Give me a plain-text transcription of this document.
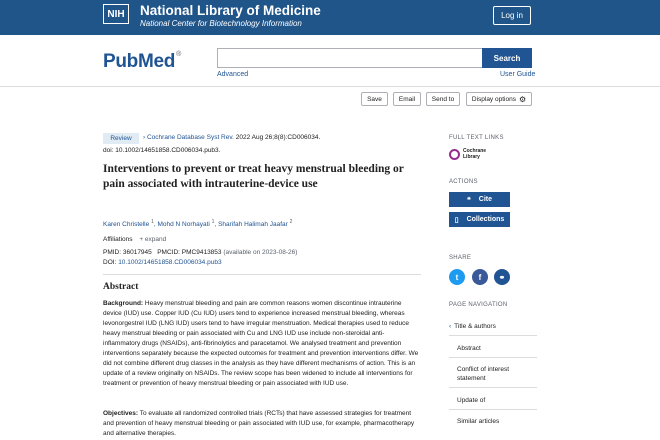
NIH	National Library of Medicine
National Center for Biotechnology Information
Log in
PubMed®	Search
Advanced	User Guide
Save	Email	Send to	Display options ⚙
Review	› Cochrane Database Syst Rev. 2022 Aug 26;8(8):CD006034.
doi: 10.1002/14651858.CD006034.pub3.
Interventions to prevent or treat heavy menstrual bleeding or pain associated with intrauterine-device use
Karen Christelle $^1$, Mohd N Norhayati $^1$, Sharifah Halimah Jaafar $^2$
Affiliations + expand
PMID: 36017945 PMCID: PMC9413853 (available on 2023-08-26)
DOI: 10.1002/14651858.CD006034.pub3
Abstract

Background: Heavy menstrual bleeding and pain are common reasons women discontinue intrauterine device (IUD) use. Copper IUD (Cu IUD) users tend to experience increased menstrual bleeding, whereas levonorgestrel IUD (LNG IUD) users tend to have irregular menstruation. Medical therapies used to reduce heavy menstrual bleeding or pain associated with Cu and LNG IUD use include non-steroidal anti-inflammatory drugs (NSAIDs), anti-fibrinolytics and paracetamol. We analysed treatment and prevention interventions separately because the expected outcomes for treatment and prevention interventions differ. We did not combine different drug classes in the analysis as they have different mechanisms of action. This is an update of a review originally on NSAIDs. The review scope has been widened to include all interventions for treatment or prevention of heavy menstrual bleeding or pain associated with IUD use.

Objectives: To evaluate all randomized controlled trials (RCTs) that have assessed strategies for treatment and prevention of heavy menstrual bleeding or pain associated with IUD use, for example, pharmacotherapy and alternative therapies.

FULL TEXT LINKS
Cochrane
Library
ACTIONS
❝ Cite
▯ Collections
SHARE
t	f	⚭
PAGE NAVIGATION
‹ Title & authors
Abstract
Conflict of interest statement
Update of
Similar articles
